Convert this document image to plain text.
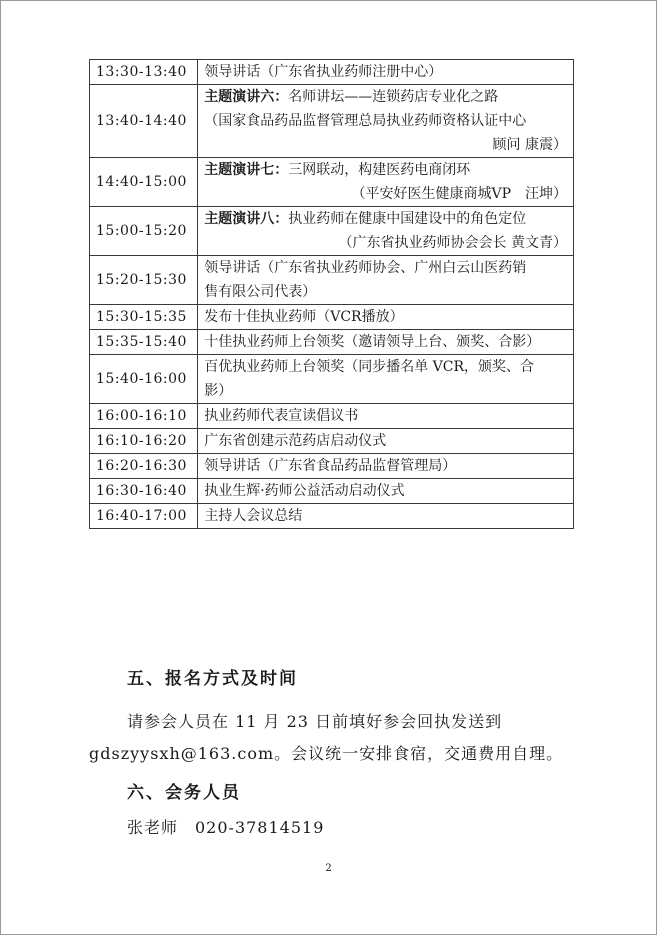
13:30-13:40	领导讲话（广东省执业药师注册中心）

13:40-14:40	主题演讲六：名师讲坛——连锁药店专业化之路
（国家食品药品监督管理总局执业药师资格认证中心
顾问 康震）

14:40-15:00	主题演讲七：三网联动，构建医药电商闭环
（平安好医生健康商城VP　汪坤）

15:00-15:20	主题演讲八：执业药师在健康中国建设中的角色定位
（广东省执业药师协会会长 黄文青）

15:20-15:30	领导讲话（广东省执业药师协会、广州白云山医药销
售有限公司代表）

15:30-15:35	发布十佳执业药师（VCR播放）

15:35-15:40	十佳执业药师上台领奖（邀请领导上台、颁奖、合影）

15:40-16:00	百优执业药师上台领奖（同步播名单 VCR，颁奖、合
影）

16:00-16:10	执业药师代表宣读倡议书

16:10-16:20	广东省创建示范药店启动仪式

16:20-16:30	领导讲话（广东省食品药品监督管理局）

16:30-16:40	执业生辉·药师公益活动启动仪式

16:40-17:00	主持人会议总结
五、报名方式及时间
请参会人员在 11 月 23 日前填好参会回执发送到
gdszyysxh@163.com。会议统一安排食宿，交通费用自理。
六、会务人员
张老师　020-37814519
2
